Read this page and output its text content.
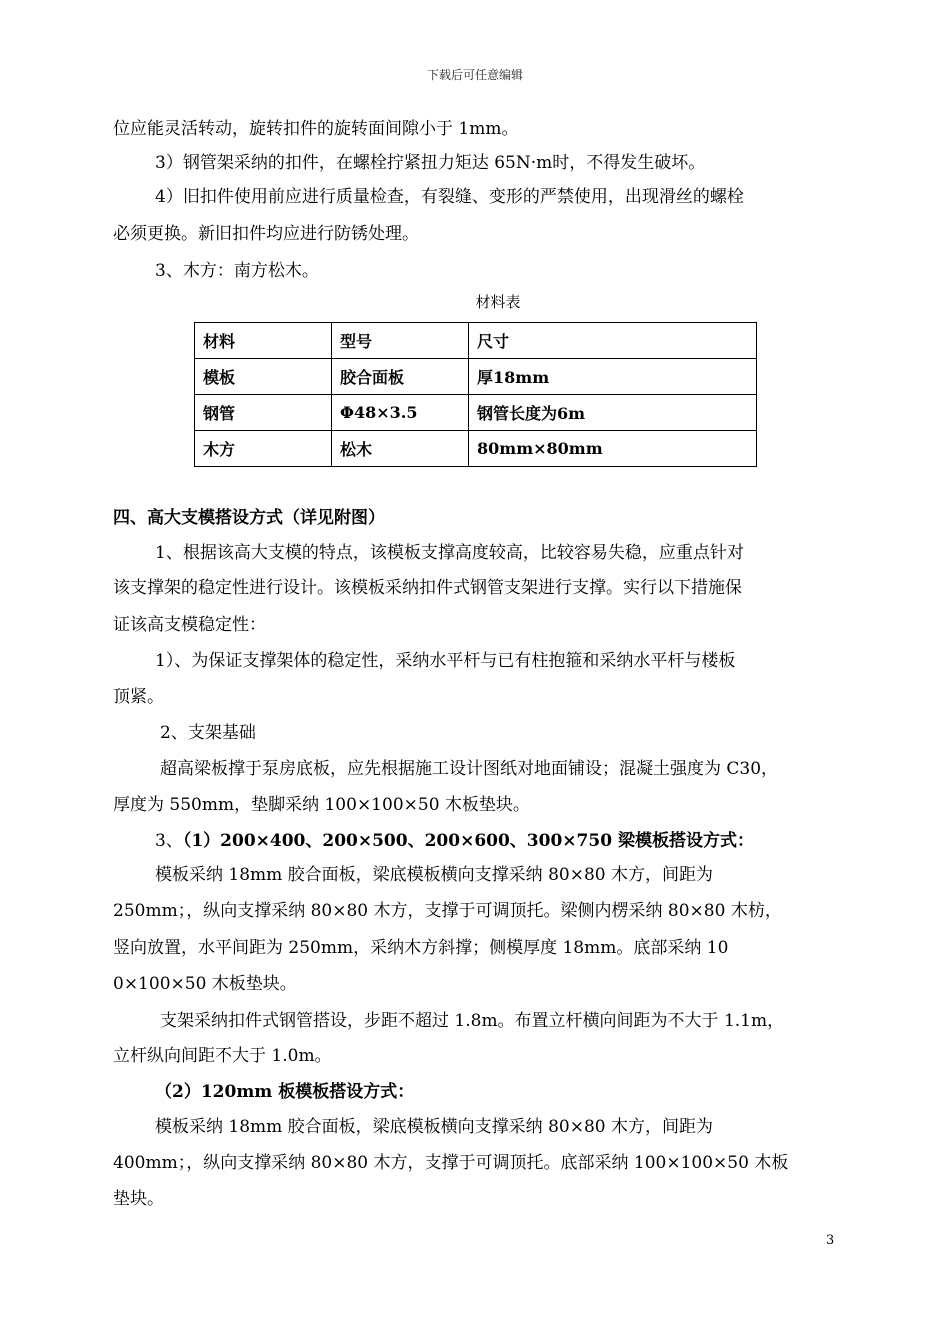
下载后可任意编辑
位应能灵活转动，旋转扣件的旋转面间隙小于 1mm。
3）钢管架采纳的扣件，在螺栓拧紧扭力矩达 65N·m时，不得发生破坏。
4）旧扣件使用前应进行质量检查，有裂缝、变形的严禁使用，出现滑丝的螺栓
必须更换。新旧扣件均应进行防锈处理。
3、木方：南方松木。
材料表
材料	型号	尺寸
模板	胶合面板	厚18mm
钢管	Φ48×3.5	钢管长度为6m
木方	松木	80mm×80mm
四、高大支模搭设方式（详见附图）
1、根据该高大支模的特点，该模板支撑高度较高，比较容易失稳，应重点针对
该支撑架的稳定性进行设计。该模板采纳扣件式钢管支架进行支撑。实行以下措施保
证该高支模稳定性：
1）、为保证支撑架体的稳定性，采纳水平杆与已有柱抱箍和采纳水平杆与楼板
顶紧。
2、支架基础
超高梁板撑于泵房底板，应先根据施工设计图纸对地面铺设；混凝土强度为 C30，
厚度为 550mm，垫脚采纳 100×100×50 木板垫块。
3、（1）200×400、200×500、200×600、300×750 梁模板搭设方式：
模板采纳 18mm 胶合面板，梁底模板横向支撑采纳 80×80 木方，间距为
250mm；，纵向支撑采纳 80×80 木方，支撑于可调顶托。梁侧内楞采纳 80×80 木枋，
竖向放置，水平间距为 250mm，采纳木方斜撑；侧模厚度 18mm。底部采纳 10
0×100×50 木板垫块。
支架采纳扣件式钢管搭设，步距不超过 1.8m。布置立杆横向间距为不大于 1.1m，
立杆纵向间距不大于 1.0m。
（2）120mm 板模板搭设方式：
模板采纳 18mm 胶合面板，梁底模板横向支撑采纳 80×80 木方，间距为
400mm；，纵向支撑采纳 80×80 木方，支撑于可调顶托。底部采纳 100×100×50 木板
垫块。
3
